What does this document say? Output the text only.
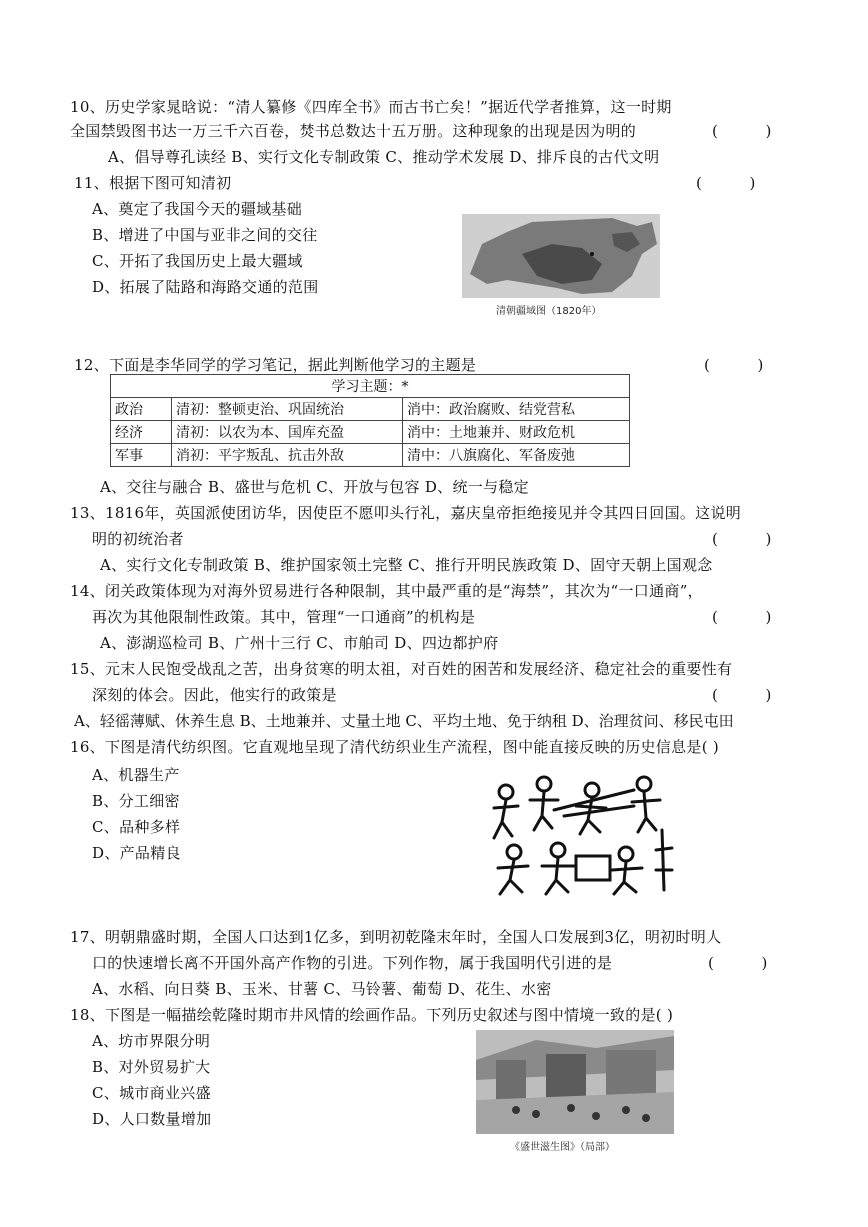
10、历史学家晁晗说：“清人纂修《四库全书》而古书亡矣！”据近代学者推算，这一时期
全国禁毁图书达一万三千六百卷，焚书总数达十五万册。这种现象的出现是因为明的	(          )
A、倡导尊孔读经 B、实行文化专制政策 C、推动学术发展 D、排斥良的古代文明
11、根据下图可知清初	(          )
A、奠定了我国今天的疆域基础
B、增进了中国与亚非之间的交往
C、开拓了我国历史上最大疆域
D、拓展了陆路和海路交通的范围
清朝疆域图（1820年）
12、下面是李华同学的学习笔记，据此判断他学习的主题是	(          )
学习主题：*		
政治	清初：整顿吏治、巩固统治	消中：政治腐败、结党营私
经济	清初：以农为本、国库充盈	消中：土地兼并、财政危机
军事	消初：平字叛乱、抗击外敌	清中：八旗腐化、军备废弛
A、交往与融合 B、盛世与危机 C、开放与包容 D、统一与稳定
13、1816年，英国派使团访华，因使臣不愿叩头行礼，嘉庆皇帝拒绝接见并令其四日回国。这说明
明的初统治者	(          )
A、实行文化专制政策 B、维护国家领土完整 C、推行开明民族政策 D、固守天朝上国观念
14、闭关政策体现为对海外贸易进行各种限制，其中最严重的是“海禁”，其次为“一口通商”，
再次为其他限制性政策。其中，管理“一口通商”的机构是	(          )
A、澎湖巡检司 B、广州十三行 C、市舶司 D、四边都护府
15、元末人民饱受战乱之苦，出身贫寒的明太祖，对百姓的困苦和发展经济、稳定社会的重要性有
深刻的体会。因此，他实行的政策是	(          )
A、轻徭薄赋、休养生息 B、土地兼并、丈量土地 C、平均土地、免于纳租 D、治理贫问、移民屯田
16、下图是清代纺织图。它直观地呈现了清代纺织业生产流程，图中能直接反映的历史信息是( )
A、机器生产
B、分工细密
C、品种多样
D、产品精良
17、明朝鼎盛时期，全国人口达到1亿多，到明初乾隆末年时，全国人口发展到3亿，明初时明人
口的快速增长离不开国外高产作物的引进。下列作物，属于我国明代引进的是	(          )
A、水稻、向日葵 B、玉米、甘薯 C、马铃薯、葡萄 D、花生、水密
18、下图是一幅描绘乾隆时期市井风情的绘画作品。下列历史叙述与图中情境一致的是( )
A、坊市界限分明
B、对外贸易扩大
C、城市商业兴盛
D、人口数量增加
《盛世滋生图》（局部）
